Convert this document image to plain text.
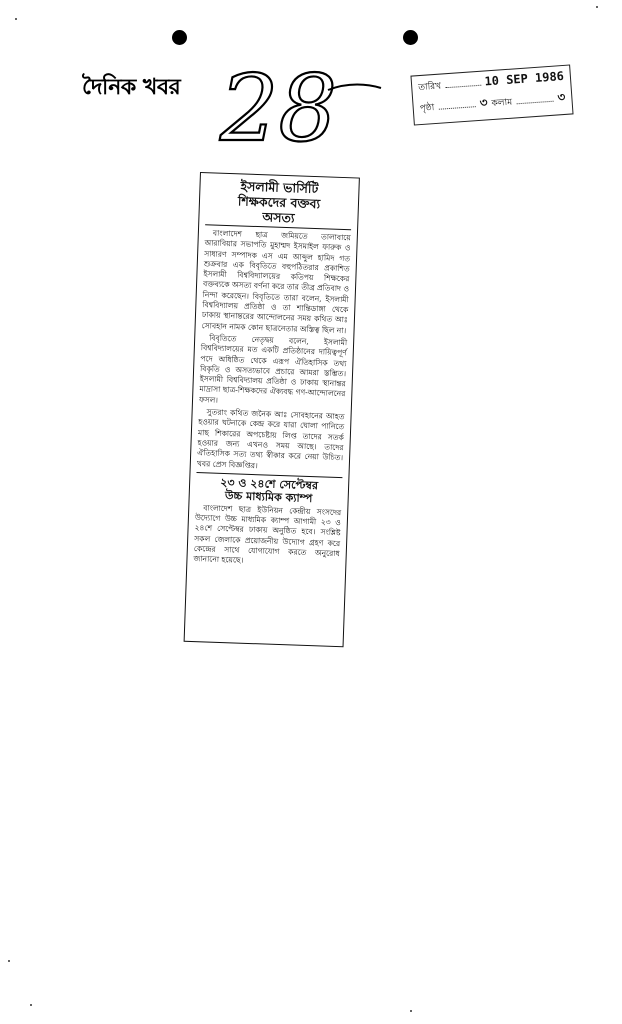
দৈনিক খবর 28	তারিখ	10 SEP 1986
পৃষ্ঠা	৩ কলাম	৩
ইসলামী ভার্সিটি
শিক্ষকদের বক্তব্য
অসত্য

বাংলাদেশ ছাত্র জমিয়তে তালাবায়ে আরাবিয়ার সভাপতি মুহাম্মদ ইসমাইল ফারুক ও সাধারণ সম্পাদক এস এম আব্দুল হামিদ গত শুক্রবার এক বিবৃতিতে বহুপঠিতরার প্রকাশিত ইসলামী বিশ্ববিদ্যালয়ের কতিপয় শিক্ষকের বক্তব্যকে অসত্য বর্ণনা করে তার তীব্র প্রতিবাদ ও নিন্দা করেছেন। বিবৃতিতে তারা বলেন, ইসলামী বিশ্ববিদ্যালয় প্রতিষ্ঠা ও তা শান্তিডাঙ্গা থেকে ঢাকায় স্থানান্তরের আন্দোলনের সময় কথিত আঃ সোবহান নামক কোন ছাত্রনেতার অস্তিত্ব ছিল না।

বিবৃতিতে নেতৃদ্বয় বলেন, ইসলামী বিশ্ববিদ্যালয়ের মত একটি প্রতিষ্ঠানের দায়িত্বপূর্ণ পদে অধিষ্ঠিত থেকে এরূপ ঐতিহাসিক তথ্য বিকৃতি ও অসত্যভাবে প্রচারে আমরা স্তম্ভিত। ইসলামী বিশ্ববিদ্যালয় প্রতিষ্ঠা ও ঢাকায় স্থানান্তর মাদ্রাসা ছাত্র-শিক্ষকদের ঐক্যবদ্ধ গণ-আন্দোলনের ফসল।

সুতরাং কথিত জনৈক আঃ সোবহানের আহত হওয়ার ঘটনাকে কেন্দ্র করে যারা ঘোলা পানিতে মাছ শিকারের অপচেষ্টায় লিপ্ত তাদের সতর্ক হওয়ার জন্য এখনও সময় আছে। তাদের ঐতিহাসিক সত্য তথ্য স্বীকার করে নেয়া উচিত। খবর প্রেস বিজ্ঞপ্তির।

২৩ ও ২৪শে সেপ্টেম্বর
উচ্চ মাধ্যমিক ক্যাম্প

বাংলাদেশ ছাত্র ইউনিয়ন কেন্দ্রীয় সংসদের উদ্যোগে উচ্চ মাধ্যমিক ক্যাম্প আগামী ২৩ ও ২৪শে সেপ্টেম্বর ঢাকায় অনুষ্ঠিত হবে। সংশ্লিষ্ট সকল জেলাকে প্রয়োজনীয় উদ্যোগ গ্রহণ করে কেন্দ্রের সাথে যোগাযোগ করতে অনুরোধ জানানো হয়েছে।
